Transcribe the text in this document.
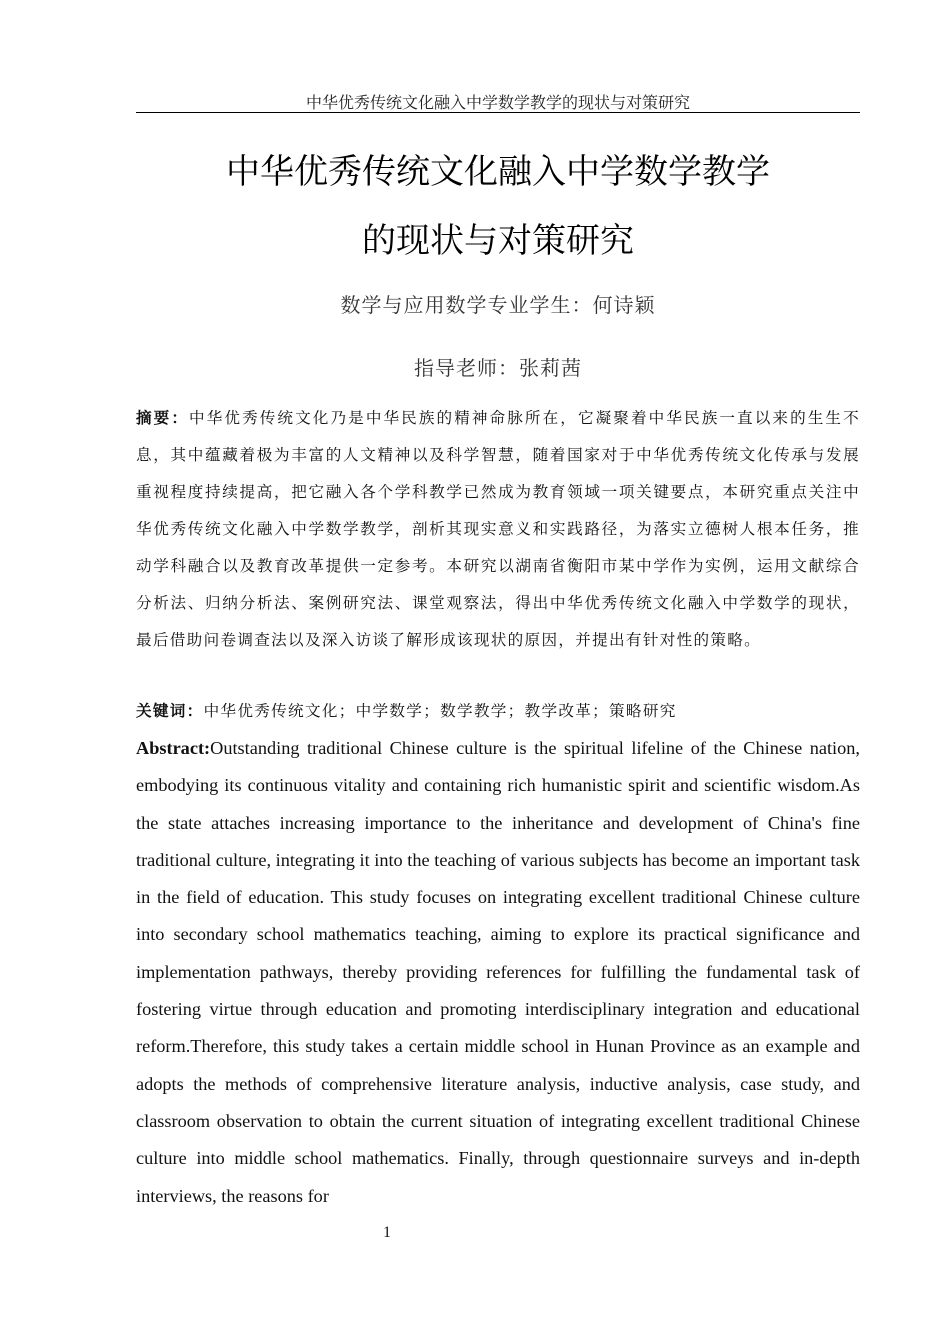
中华优秀传统文化融入中学数学教学的现状与对策研究
中华优秀传统文化融入中学数学教学
的现状与对策研究
数学与应用数学专业学生：何诗颖
指导老师：张莉茜
摘要：中华优秀传统文化乃是中华民族的精神命脉所在，它凝聚着中华民族一直以来的生生不息，其中蕴藏着极为丰富的人文精神以及科学智慧，随着国家对于中华优秀传统文化传承与发展重视程度持续提高，把它融入各个学科教学已然成为教育领域一项关键要点，本研究重点关注中华优秀传统文化融入中学数学教学，剖析其现实意义和实践路径，为落实立德树人根本任务，推动学科融合以及教育改革提供一定参考。本研究以湖南省衡阳市某中学作为实例，运用文献综合分析法、归纳分析法、案例研究法、课堂观察法，得出中华优秀传统文化融入中学数学的现状，最后借助问卷调查法以及深入访谈了解形成该现状的原因，并提出有针对性的策略。
关键词：中华优秀传统文化；中学数学；数学教学；教学改革；策略研究
Abstract:Outstanding traditional Chinese culture is the spiritual lifeline of the Chinese nation, embodying its continuous vitality and containing rich humanistic spirit and scientific wisdom.As the state attaches increasing importance to the inheritance and development of China's fine traditional culture, integrating it into the teaching of various subjects has become an important task in the field of education. This study focuses on integrating excellent traditional Chinese culture into secondary school mathematics teaching, aiming to explore its practical significance and implementation pathways, thereby providing references for fulfilling the fundamental task of fostering virtue through education and promoting interdisciplinary integration and educational reform.Therefore, this study takes a certain middle school in Hunan Province as an example and adopts the methods of comprehensive literature analysis, inductive analysis, case study, and classroom observation to obtain the current situation of integrating excellent traditional Chinese culture into middle school mathematics. Finally, through questionnaire surveys and in-depth interviews, the reasons for
1
